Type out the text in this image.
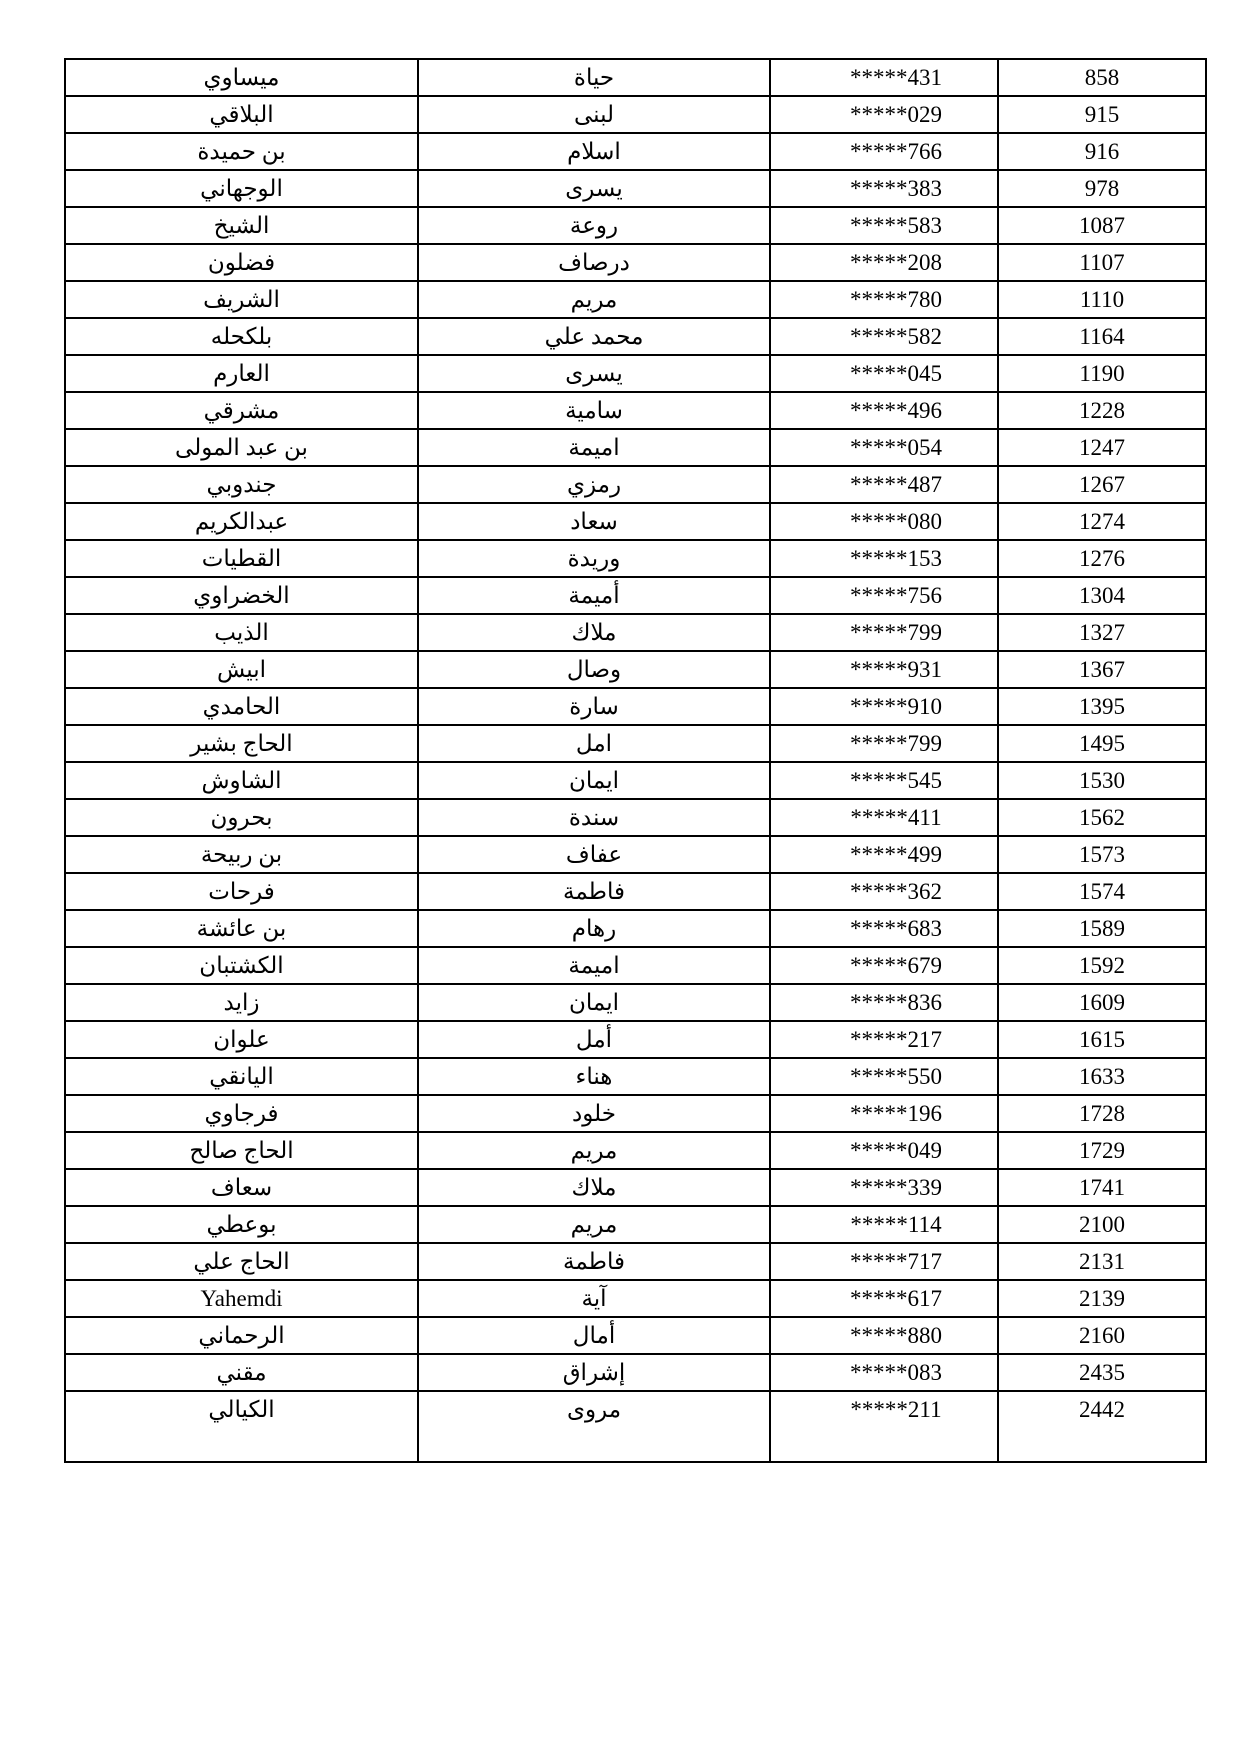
ميساوي	حياة	*****431	858
البلاقي	لبنى	*****029	915
بن حميدة	اسلام	*****766	916
الوجهاني	يسرى	*****383	978
الشيخ	روعة	*****583	1087
فضلون	درصاف	*****208	1107
الشريف	مريم	*****780	1110
بلكحله	محمد علي	*****582	1164
العارم	يسرى	*****045	1190
مشرقي	سامية	*****496	1228
بن عبد المولى	اميمة	*****054	1247
جندوبي	رمزي	*****487	1267
عبدالكريم	سعاد	*****080	1274
القطيات	وريدة	*****153	1276
الخضراوي	أميمة	*****756	1304
الذيب	ملاك	*****799	1327
ابيش	وصال	*****931	1367
الحامدي	سارة	*****910	1395
الحاج بشير	امل	*****799	1495
الشاوش	ايمان	*****545	1530
بحرون	سندة	*****411	1562
بن ربيحة	عفاف	*****499	1573
فرحات	فاطمة	*****362	1574
بن عائشة	رهام	*****683	1589
الكشتبان	اميمة	*****679	1592
زايد	ايمان	*****836	1609
علوان	أمل	*****217	1615
اليانقي	هناء	*****550	1633
فرجاوي	خلود	*****196	1728
الحاج صالح	مريم	*****049	1729
سعاف	ملاك	*****339	1741
بوعطي	مريم	*****114	2100
الحاج علي	فاطمة	*****717	2131
Yahemdi	آية	*****617	2139
الرحماني	أمال	*****880	2160
مقني	إشراق	*****083	2435
الكيالي	مروى	*****211	2442
